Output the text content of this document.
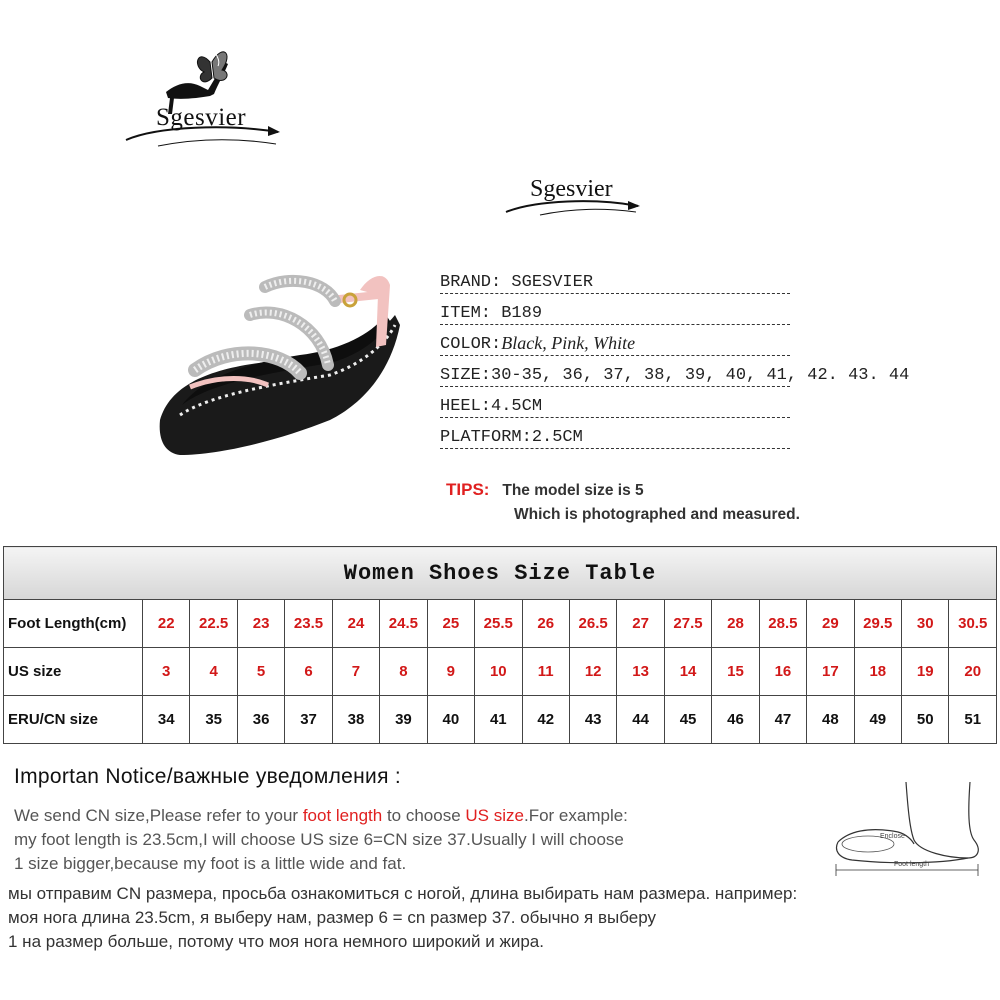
Sgesvier
Sgesvier
BRAND: SGESVIER
ITEM: B189
COLOR: Black, Pink, White
SIZE:30-35, 36, 37, 38, 39, 40, 41, 42. 43. 44
HEEL:4.5CM
PLATFORM:2.5CM
TIPS: The model size is 5
Which is photographed and measured.
Women Shoes Size Table																		
Foot Length(cm)	22	22.5	23	23.5	24	24.5	25	25.5	26	26.5	27	27.5	28	28.5	29	29.5	30	30.5
US size	3	4	5	6	7	8	9	10	11	12	13	14	15	16	17	18	19	20
ERU/CN size	34	35	36	37	38	39	40	41	42	43	44	45	46	47	48	49	50	51
Importan Notice/важные уведомления :
We send CN size,Please refer to your foot length to choose US size.For example:
my foot length is 23.5cm,I will choose US size 6=CN size 37.Usually I will choose
1 size bigger,because my foot is a little wide and fat.
Enclose
Foot length
мы отправим CN размера, просьба ознакомиться с ногой, длина выбирать нам размера. например:
моя нога длина 23.5cm, я выберу нам, размер 6 = cn размер 37. обычно я выберу
1 на размер больше, потому что моя нога немного широкий и жира.
